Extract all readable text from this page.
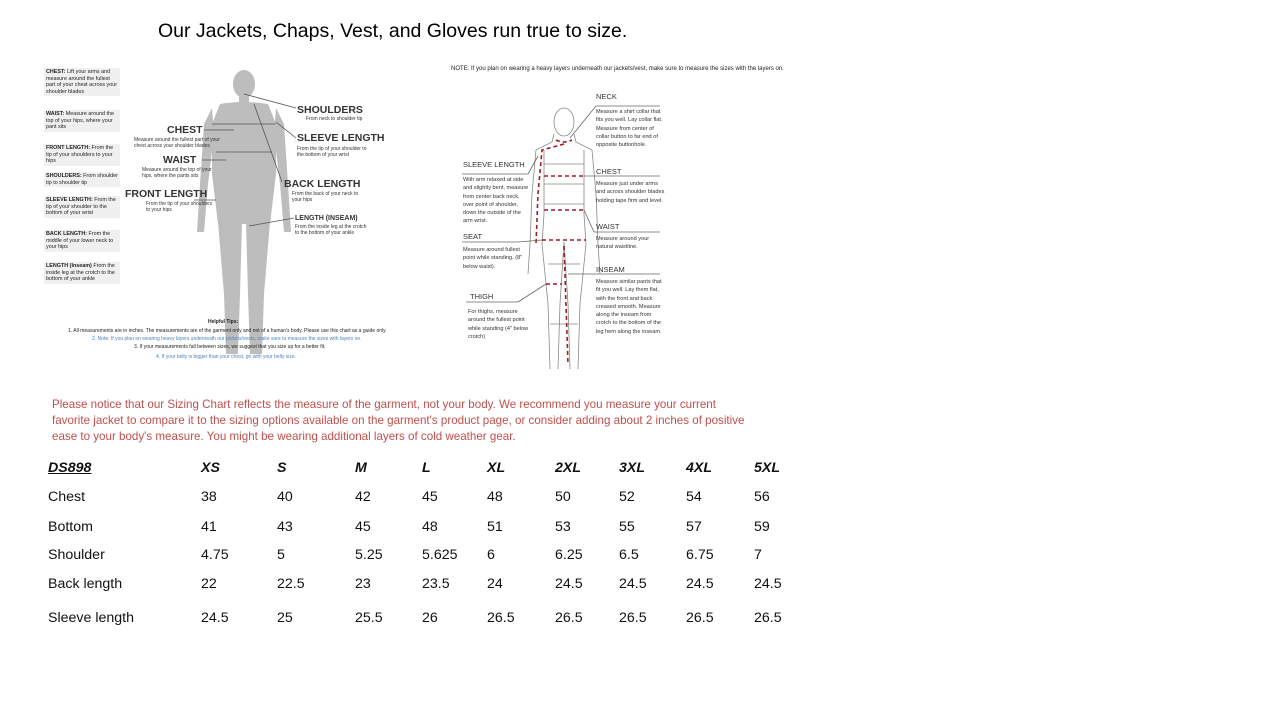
Our Jackets, Chaps, Vest, and Gloves run true to size.
CHEST: Lift your arms and measure around the fullest part of your chest across your shoulder blades
WAIST: Measure around the top of your hips, where your pant sits
FRONT LENGTH: From the tip of your shoulders to your hips
SHOULDERS: From shoulder tip to shoulder tip
SLEEVE LENGTH: From the tip of your shoulder to the bottom of your wrist
BACK LENGTH: From the middle of your lower neck to your hips
LENGTH (Inseam) From the inside leg at the crotch to the bottom of your ankle
CHEST
Measure around the fullest part of your chest across your shoulder blades
WAIST
Measure around the top of your hips, where the pants sits
FRONT LENGTH
From the tip of your shoulders to your hips
SHOULDERS
From neck to shoulder tip
SLEEVE LENGTH
From the tip of your shoulder to the bottom of your wrist
BACK LENGTH
From the back of your neck to your hips
LENGTH (INSEAM)
From the inside leg at the crotch to the bottom of your ankle
Helpful Tips:
1. All measurements are in inches. The measurements are of the garment only and not of a human's body. Please use this chart as a guide only.
2. Note: If you plan on wearing heavy layers underneath our jackets/vests, make sure to measure the sizes with layers on.
3. If your measurements fall between sizes, we suggest that you size up for a better fit.
4. If your belly is bigger than your chest, go with your belly size.
NOTE: If you plan on wearing a heavy layers underneath our jackets/vest, make sure to measure the sizes with the layers on.
NECK
Measure a shirt collar that fits you well. Lay collar flat. Measure from center of collar button to far end of opposite buttonhole.
CHEST
Measure just under arms and across shoulder blades holding tape firm and level.
WAIST
Measure around your natural waistline.
INSEAM
Measure similar pants that fit you well. Lay them flat, with the front and back creased smooth. Measure along the inseam from crotch to the bottom of the leg hem along the inseam.
SLEEVE LENGTH
With arm relaxed at side and slightly bent, measure from center back neck, over point of shoulder, down the outside of the arm wrist.
SEAT
Measure around fullest point while standing. (8" below waist).
THIGH
For thighs, measure around the fullest point while standing (4" below crotch)
Please notice that our Sizing Chart reflects the measure of the garment, not your body. We recommend you measure your current favorite jacket to compare it to the sizing options available on the garment's product page, or consider adding about 2 inches of positive ease to your body's measure. You might be wearing additional layers of cold weather gear.
DS898	XS	S	M	L	XL	2XL	3XL	4XL	5XL
Chest	38	40	42	45	48	50	52	54	56
Bottom	41	43	45	48	51	53	55	57	59
Shoulder	4.75	5	5.25	5.625 6	6.25	6.5	6.75	7
Back length	22	22.5	23	23.5	24	24.5	24.5	24.5	24.5
Sleeve length	24.5	25	25.5	26	26.5	26.5	26.5	26.5	26.5
